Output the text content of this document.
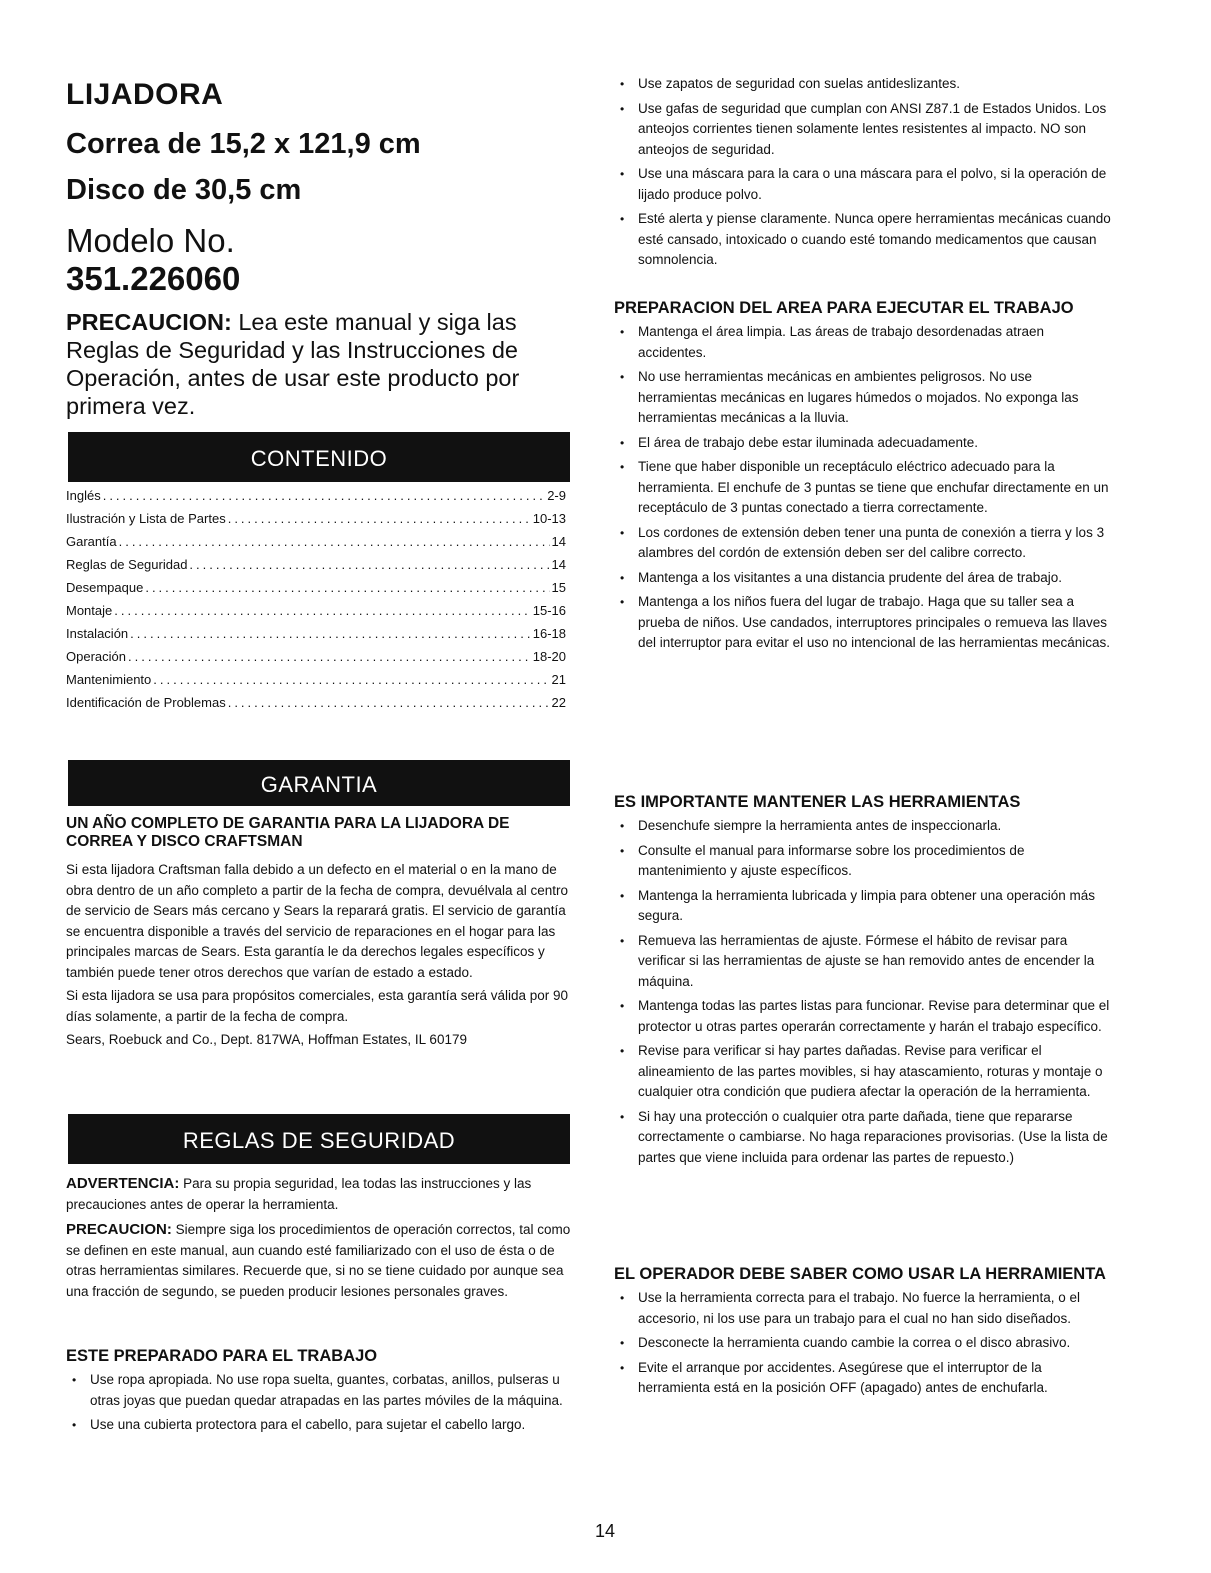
LIJADORA
Correa de 15,2 x 121,9 cm
Disco de 30,5 cm

Modelo No.

351.226060

PRECAUCION: Lea este manual y siga las Reglas de Seguridad y las Instrucciones de Operación, antes de usar este producto por primera vez.

CONTENIDO
Inglés .....	2-9
Ilustración y Lista de Partes .....	10-13
Garantía .....	14
Reglas de Seguridad .....	14
Desempaque .....	15
Montaje .....	15-16
Instalación .....	16-18
Operación .....	18-20
Mantenimiento .....	21
Identificación de Problemas .....	22
GARANTIA

UN AÑO COMPLETO DE GARANTIA PARA LA LIJADORA DE CORREA Y DISCO CRAFTSMAN

Si esta lijadora Craftsman falla debido a un defecto en el material o en la mano de obra dentro de un año completo a partir de la fecha de compra, devuélvala al centro de servicio de Sears más cercano y Sears la reparará gratis. El servicio de garantía se encuentra disponible a través del servicio de reparaciones en el hogar para las principales marcas de Sears. Esta garantía le da derechos legales específicos y también puede tener otros derechos que varían de estado a estado.

Si esta lijadora se usa para propósitos comerciales, esta garantía será válida por 90 días solamente, a partir de la fecha de compra.

Sears, Roebuck and Co., Dept. 817WA, Hoffman Estates, IL 60179

REGLAS DE SEGURIDAD

ADVERTENCIA: Para su propia seguridad, lea todas las instrucciones y las precauciones antes de operar la herramienta.

PRECAUCION: Siempre siga los procedimientos de operación correctos, tal como se definen en este manual, aun cuando esté familiarizado con el uso de ésta o de otras herramientas similares. Recuerde que, si no se tiene cuidado por aunque sea una fracción de segundo, se pueden producir lesiones personales graves.

ESTE PREPARADO PARA EL TRABAJO

• Use ropa apropiada. No use ropa suelta, guantes, corbatas, anillos, pulseras u otras joyas que puedan quedar atrapadas en las partes móviles de la máquina.
• Use una cubierta protectora para el cabello, para sujetar el cabello largo.
• Use zapatos de seguridad con suelas antideslizantes.
• Use gafas de seguridad que cumplan con ANSI Z87.1 de Estados Unidos. Los anteojos corrientes tienen solamente lentes resistentes al impacto. NO son anteojos de seguridad.
• Use una máscara para la cara o una máscara para el polvo, si la operación de lijado produce polvo.
• Esté alerta y piense claramente. Nunca opere herramientas mecánicas cuando esté cansado, intoxicado o cuando esté tomando medicamentos que causan somnolencia.

PREPARACION DEL AREA PARA EJECUTAR EL TRABAJO

• Mantenga el área limpia. Las áreas de trabajo desordenadas atraen accidentes.
• No use herramientas mecánicas en ambientes peligrosos. No use herramientas mecánicas en lugares húmedos o mojados. No exponga las herramientas mecánicas a la lluvia.
• El área de trabajo debe estar iluminada adecuadamente.
• Tiene que haber disponible un receptáculo eléctrico adecuado para la herramienta. El enchufe de 3 puntas se tiene que enchufar directamente en un receptáculo de 3 puntas conectado a tierra correctamente.
• Los cordones de extensión deben tener una punta de conexión a tierra y los 3 alambres del cordón de extensión deben ser del calibre correcto.
• Mantenga a los visitantes a una distancia prudente del área de trabajo.
• Mantenga a los niños fuera del lugar de trabajo. Haga que su taller sea a prueba de niños. Use candados, interruptores principales o remueva las llaves del interruptor para evitar el uso no intencional de las herramientas mecánicas.

ES IMPORTANTE MANTENER LAS HERRAMIENTAS

• Desenchufe siempre la herramienta antes de inspeccionarla.
• Consulte el manual para informarse sobre los procedimientos de mantenimiento y ajuste específicos.
• Mantenga la herramienta lubricada y limpia para obtener una operación más segura.
• Remueva las herramientas de ajuste. Fórmese el hábito de revisar para verificar si las herramientas de ajuste se han removido antes de encender la máquina.
• Mantenga todas las partes listas para funcionar. Revise para determinar que el protector u otras partes operarán correctamente y harán el trabajo específico.
• Revise para verificar si hay partes dañadas. Revise para verificar el alineamiento de las partes movibles, si hay atascamiento, roturas y montaje o cualquier otra condición que pudiera afectar la operación de la herramienta.
• Si hay una protección o cualquier otra parte dañada, tiene que repararse correctamente o cambiarse. No haga reparaciones provisorias. (Use la lista de partes que viene incluida para ordenar las partes de repuesto.)

EL OPERADOR DEBE SABER COMO USAR LA HERRAMIENTA

• Use la herramienta correcta para el trabajo. No fuerce la herramienta, o el accesorio, ni los use para un trabajo para el cual no han sido diseñados.
• Desconecte la herramienta cuando cambie la correa o el disco abrasivo.
• Evite el arranque por accidentes. Asegúrese que el interruptor de la herramienta está en la posición OFF (apagado) antes de enchufarla.

14
